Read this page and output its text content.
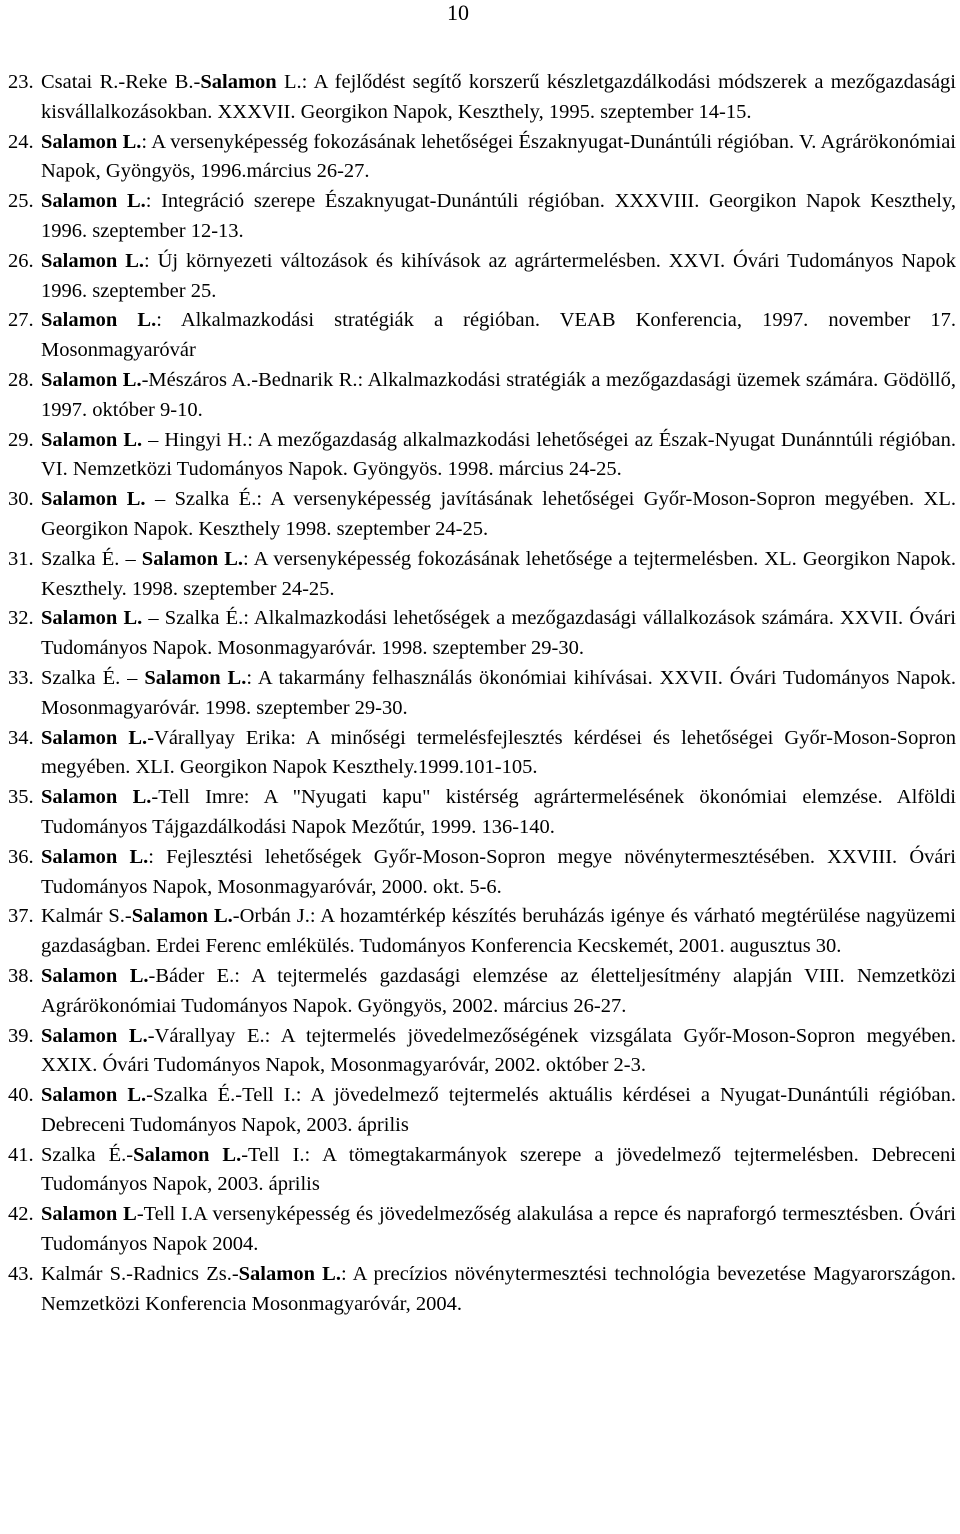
10
23. Csatai R.-Reke B.-Salamon L.: A fejlődést segítő korszerű készletgazdálkodási módszerek a mezőgazdasági kisvállalkozásokban. XXXVII. Georgikon Napok, Keszthely, 1995. szeptember 14-15.
24. Salamon L.: A versenyképesség fokozásának lehetőségei Északnyugat-Dunántúli régióban. V. Agrárökonómiai Napok, Gyöngyös, 1996.március 26-27.
25. Salamon L.: Integráció szerepe Északnyugat-Dunántúli régióban. XXXVIII. Georgikon Napok Keszthely, 1996. szeptember 12-13.
26. Salamon L.: Új környezeti változások és kihívások az agrártermelésben. XXVI. Óvári Tudományos Napok 1996. szeptember 25.
27. Salamon L.: Alkalmazkodási stratégiák a régióban. VEAB Konferencia, 1997. november 17. Mosonmagyaróvár
28. Salamon L.-Mészáros A.-Bednarik R.: Alkalmazkodási stratégiák a mezőgazdasági üzemek számára. Gödöllő, 1997. október 9-10.
29. Salamon L. – Hingyi H.: A mezőgazdaság alkalmazkodási lehetőségei az Észak-Nyugat Dunánntúli régióban. VI. Nemzetközi Tudományos Napok. Gyöngyös. 1998. március 24-25.
30. Salamon L. – Szalka É.: A versenyképesség javításának lehetőségei Győr-Moson-Sopron megyében. XL. Georgikon Napok. Keszthely 1998. szeptember 24-25.
31. Szalka É. – Salamon L.: A versenyképesség fokozásának lehetősége a tejtermelésben. XL. Georgikon Napok. Keszthely. 1998. szeptember 24-25.
32. Salamon L. – Szalka É.: Alkalmazkodási lehetőségek a mezőgazdasági vállalkozások számára. XXVII. Óvári Tudományos Napok. Mosonmagyaróvár. 1998. szeptember 29-30.
33. Szalka É. – Salamon L.: A takarmány felhasználás ökonómiai kihívásai. XXVII. Óvári Tudományos Napok. Mosonmagyaróvár. 1998. szeptember 29-30.
34. Salamon L.-Várallyay Erika: A minőségi termelésfejlesztés kérdései és lehetőségei Győr-Moson-Sopron megyében. XLI. Georgikon Napok Keszthely.1999.101-105.
35. Salamon L.-Tell Imre: A "Nyugati kapu" kistérség agrártermelésének ökonómiai elemzése. Alföldi Tudományos Tájgazdálkodási Napok Mezőtúr, 1999. 136-140.
36. Salamon L.: Fejlesztési lehetőségek Győr-Moson-Sopron megye növénytermesztésében. XXVIII. Óvári Tudományos Napok, Mosonmagyaróvár, 2000. okt. 5-6.
37. Kalmár S.-Salamon L.-Orbán J.: A hozamtérkép készítés beruházás igénye és várható megtérülése nagyüzemi gazdaságban. Erdei Ferenc emlékülés. Tudományos Konferencia Kecskemét, 2001. augusztus 30.
38. Salamon L.-Báder E.: A tejtermelés gazdasági elemzése az életteljesítmény alapján VIII. Nemzetközi Agrárökonómiai Tudományos Napok. Gyöngyös, 2002. március 26-27.
39. Salamon L.-Várallyay E.: A tejtermelés jövedelmezőségének vizsgálata Győr-Moson-Sopron megyében. XXIX. Óvári Tudományos Napok, Mosonmagyaróvár, 2002. október 2-3.
40. Salamon L.-Szalka É.-Tell I.: A jövedelmező tejtermelés aktuális kérdései a Nyugat-Dunántúli régióban. Debreceni Tudományos Napok, 2003. április
41. Szalka É.-Salamon L.-Tell I.: A tömegtakarmányok szerepe a jövedelmező tejtermelésben. Debreceni Tudományos Napok, 2003. április
42. Salamon L-Tell I.A versenyképesség és jövedelmezőség alakulása a repce és napraforgó termesztésben. Óvári Tudományos Napok 2004.
43. Kalmár S.-Radnics Zs.-Salamon L.: A precízios növénytermesztési technológia bevezetése Magyarországon. Nemzetközi Konferencia Mosonmagyaróvár, 2004.
